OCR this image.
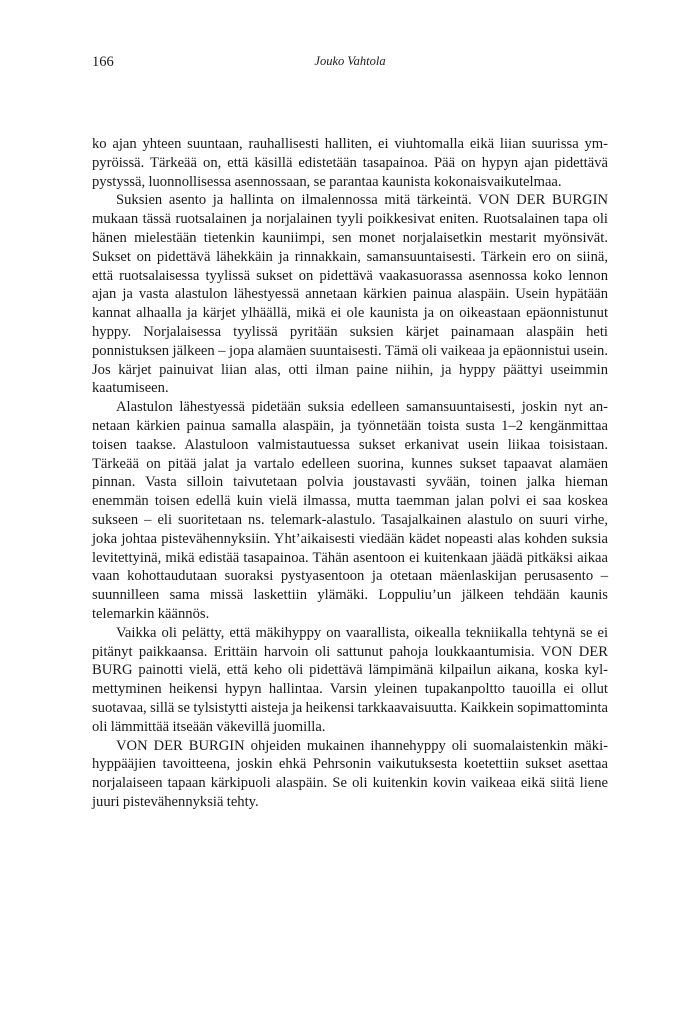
166	Jouko Vahtola

ko ajan yhteen suuntaan, rauhallisesti halliten, ei viuhtomalla eikä liian suurissa ympyröissä. Tärkeää on, että käsillä edistetään tasapainoa. Pää on hypyn ajan pidettävä pystyssä, luonnollisessa asennossaan, se parantaa kaunista kokonaisvaikutelmaa.

Suksien asento ja hallinta on ilmalennossa mitä tärkeintä. VON DER BURGIN mukaan tässä ruotsalainen ja norjalainen tyyli poikkesivat eniten. Ruotsalainen tapa oli hänen mielestään tietenkin kauniimpi, sen monet norjalaisetkin mestarit myönsivät. Sukset on pidettävä lähekkäin ja rinnakkain, samansuuntaisesti. Tärkein ero on siinä, että ruotsalaisessa tyylissä sukset on pidettävä vaakasuorassa asennossa koko lennon ajan ja vasta alastulon lähestyessä annetaan kärkien painua alaspäin. Usein hypätään kannat alhaalla ja kärjet ylhäällä, mikä ei ole kaunista ja on oikeastaan epäonnistunut hyppy. Norjalaisessa tyylissä pyritään suksien kärjet painamaan alaspäin heti ponnistuksen jälkeen – jopa alamäen suuntaisesti. Tämä oli vaikeaa ja epäonnistui usein. Jos kärjet painuivat liian alas, otti ilman paine niihin, ja hyppy päättyi useimmin kaatumiseen.

Alastulon lähestyessä pidetään suksia edelleen samansuuntaisesti, joskin nyt annetaan kärkien painua samalla alaspäin, ja työnnetään toista susta 1–2 kengänmittaa toisen taakse. Alastuloon valmistautuessa sukset erkanivat usein liikaa toisistaan. Tärkeää on pitää jalat ja vartalo edelleen suorina, kunnes sukset tapaavat alamäen pinnan. Vasta silloin taivutetaan polvia joustavasti syvään, toinen jalka hieman enemmän toisen edellä kuin vielä ilmassa, mutta taemman jalan polvi ei saa koskea sukseen – eli suoritetaan ns. telemark-alastulo. Tasajalkainen alastulo on suuri virhe, joka johtaa pistevähennyksiin. Yht’aikaisesti viedään kädet nopeasti alas kohden suksia levitettyinä, mikä edistää tasapainoa. Tähän asentoon ei kuitenkaan jäädä pitkäksi aikaa vaan kohottaudutaan suoraksi pystyasentoon ja otetaan mäenlaskijan perusasento – suunnilleen sama missä laskettiin ylämäki. Loppuliu’un jälkeen tehdään kaunis telemarkin käännös.

Vaikka oli pelätty, että mäkihyppy on vaarallista, oikealla tekniikalla tehtynä se ei pitänyt paikkaansa. Erittäin harvoin oli sattunut pahoja loukkaantumisia. VON DER BURG painotti vielä, että keho oli pidettävä lämpimänä kilpailun aikana, koska kylmettyminen heikensi hypyn hallintaa. Varsin yleinen tupakanpoltto tauoilla ei ollut suotavaa, sillä se tylsistytti aisteja ja heikensi tarkkaavaisuutta. Kaikkein sopimattominta oli lämmittää itseään väkevillä juomilla.

VON DER BURGIN ohjeiden mukainen ihannehyppy oli suomalaistenkin mäkihyppääjien tavoitteena, joskin ehkä Pehrsonin vaikutuksesta koetettiin sukset asettaa norjalaiseen tapaan kärkipuoli alaspäin. Se oli kuitenkin kovin vaikeaa eikä siitä liene juuri pistevähennyksiä tehty.
